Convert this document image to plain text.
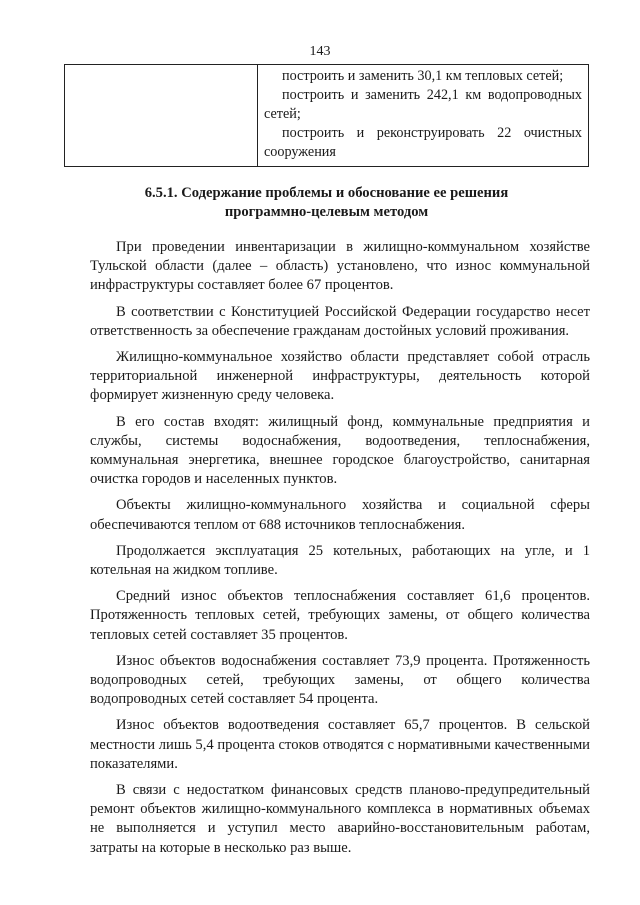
143

построить и заменить 30,1 км тепловых сетей;
построить и заменить 242,1 км водопроводных сетей;
построить и реконструировать 22 очистных сооружения
6.5.1. Содержание проблемы и обоснование ее решения
программно-целевым методом

При проведении инвентаризации в жилищно-коммунальном хозяйстве Тульской области (далее – область) установлено, что износ коммунальной инфраструктуры составляет более 67 процентов.

В соответствии с Конституцией Российской Федерации государство несет ответственность за обеспечение гражданам достойных условий проживания.

Жилищно-коммунальное хозяйство области представляет собой отрасль территориальной инженерной инфраструктуры, деятельность которой формирует жизненную среду человека.

В его состав входят: жилищный фонд, коммунальные предприятия и службы, системы водоснабжения, водоотведения, теплоснабжения, коммунальная энергетика, внешнее городское благоустройство, санитарная очистка городов и населенных пунктов.

Объекты жилищно-коммунального хозяйства и социальной сферы обеспечиваются теплом от 688 источников теплоснабжения.

Продолжается эксплуатация 25 котельных, работающих на угле, и 1 котельная на жидком топливе.

Средний износ объектов теплоснабжения составляет 61,6 процентов. Протяженность тепловых сетей, требующих замены, от общего количества тепловых сетей составляет 35 процентов.

Износ объектов водоснабжения составляет 73,9 процента. Протяженность водопроводных сетей, требующих замены, от общего количества водопроводных сетей составляет 54 процента.

Износ объектов водоотведения составляет 65,7 процентов. В сельской местности лишь 5,4 процента стоков отводятся с нормативными качественными показателями.

В связи с недостатком финансовых средств планово-предупредительный ремонт объектов жилищно-коммунального комплекса в нормативных объемах не выполняется и уступил место аварийно-восстановительным работам, затраты на которые в несколько раз выше.
